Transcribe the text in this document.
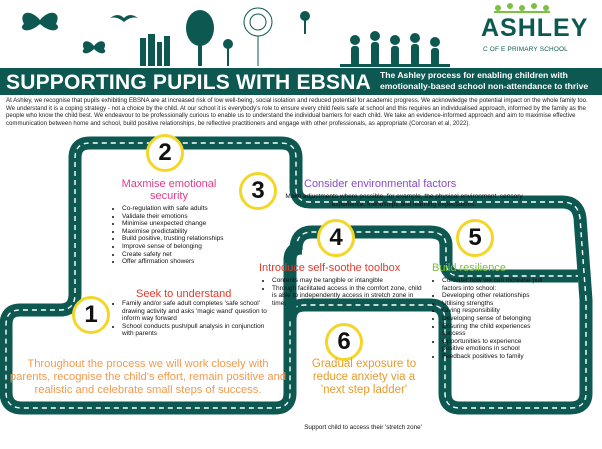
ASHLEY
C OF E PRIMARY SCHOOL
SUPPORTING PUPILS WITH EBSNA The Ashley process for enabling children with emotionally-based school non-attendance to thrive
At Ashley, we recognise that pupils exhibiting EBSNA are at increased risk of low well-being, social isolation and reduced potential for academic progress. We acknowledge the potential impact on the whole family too. We understand it is a coping strategy - not a choice by the child. At our school it is everybody's role to ensure every child feels safe at school and this requires an individualised approach, informed by the family as the people who know the child best. We endeavour to be professionally curious to enable us to understand the individual barriers for each child. We take an evidence-informed approach and aim to maximise effective communication between home and school, build positive relationships, be reflective practitioners and engage with other professionals, as appropriate (Corcoran et al, 2022).
2
3
4	5
1
6
Maxmise emotional security
• Co-regulation with safe adults
• Validate their emotions
• Minimise unexpected change
• Maximise predictability
• Build positive, trusting relationships
• Improve sense of belonging
• Create safety net
• Offer affirmation showers
Consider environmental factors
Make adjustments where possible, for example, the physical environment, sensory experience, friendships and learning expectations.
Seek to understand
• Family and/or safe adult completes 'safe school' drawing activity and asks 'magic wand' question to inform way forward
• School conducts push/pull analysis in conjunction with parents
Introduce self-soothe toolbox
• Contents may be tangible or intangible
• Through facilitated access in the comfort zone, child is able to independently access in stretch zone in time.
Build resilience
• Consider how we can increase pull factors into school:
• Developing other relationships
• Utilising strengths
• Giving responsibility
• Developing sense of belonging
• Ensuring the child experiences success
• Opportunities to experience positive emotions in school
• Feedback positives to family
Gradual exposure to reduce anxiety via a 'next step ladder'
Support child to access their 'stretch zone'
Throughout the process we will work closely with parents, recognise the child's effort, remain positive and realistic and celebrate small steps of success.
